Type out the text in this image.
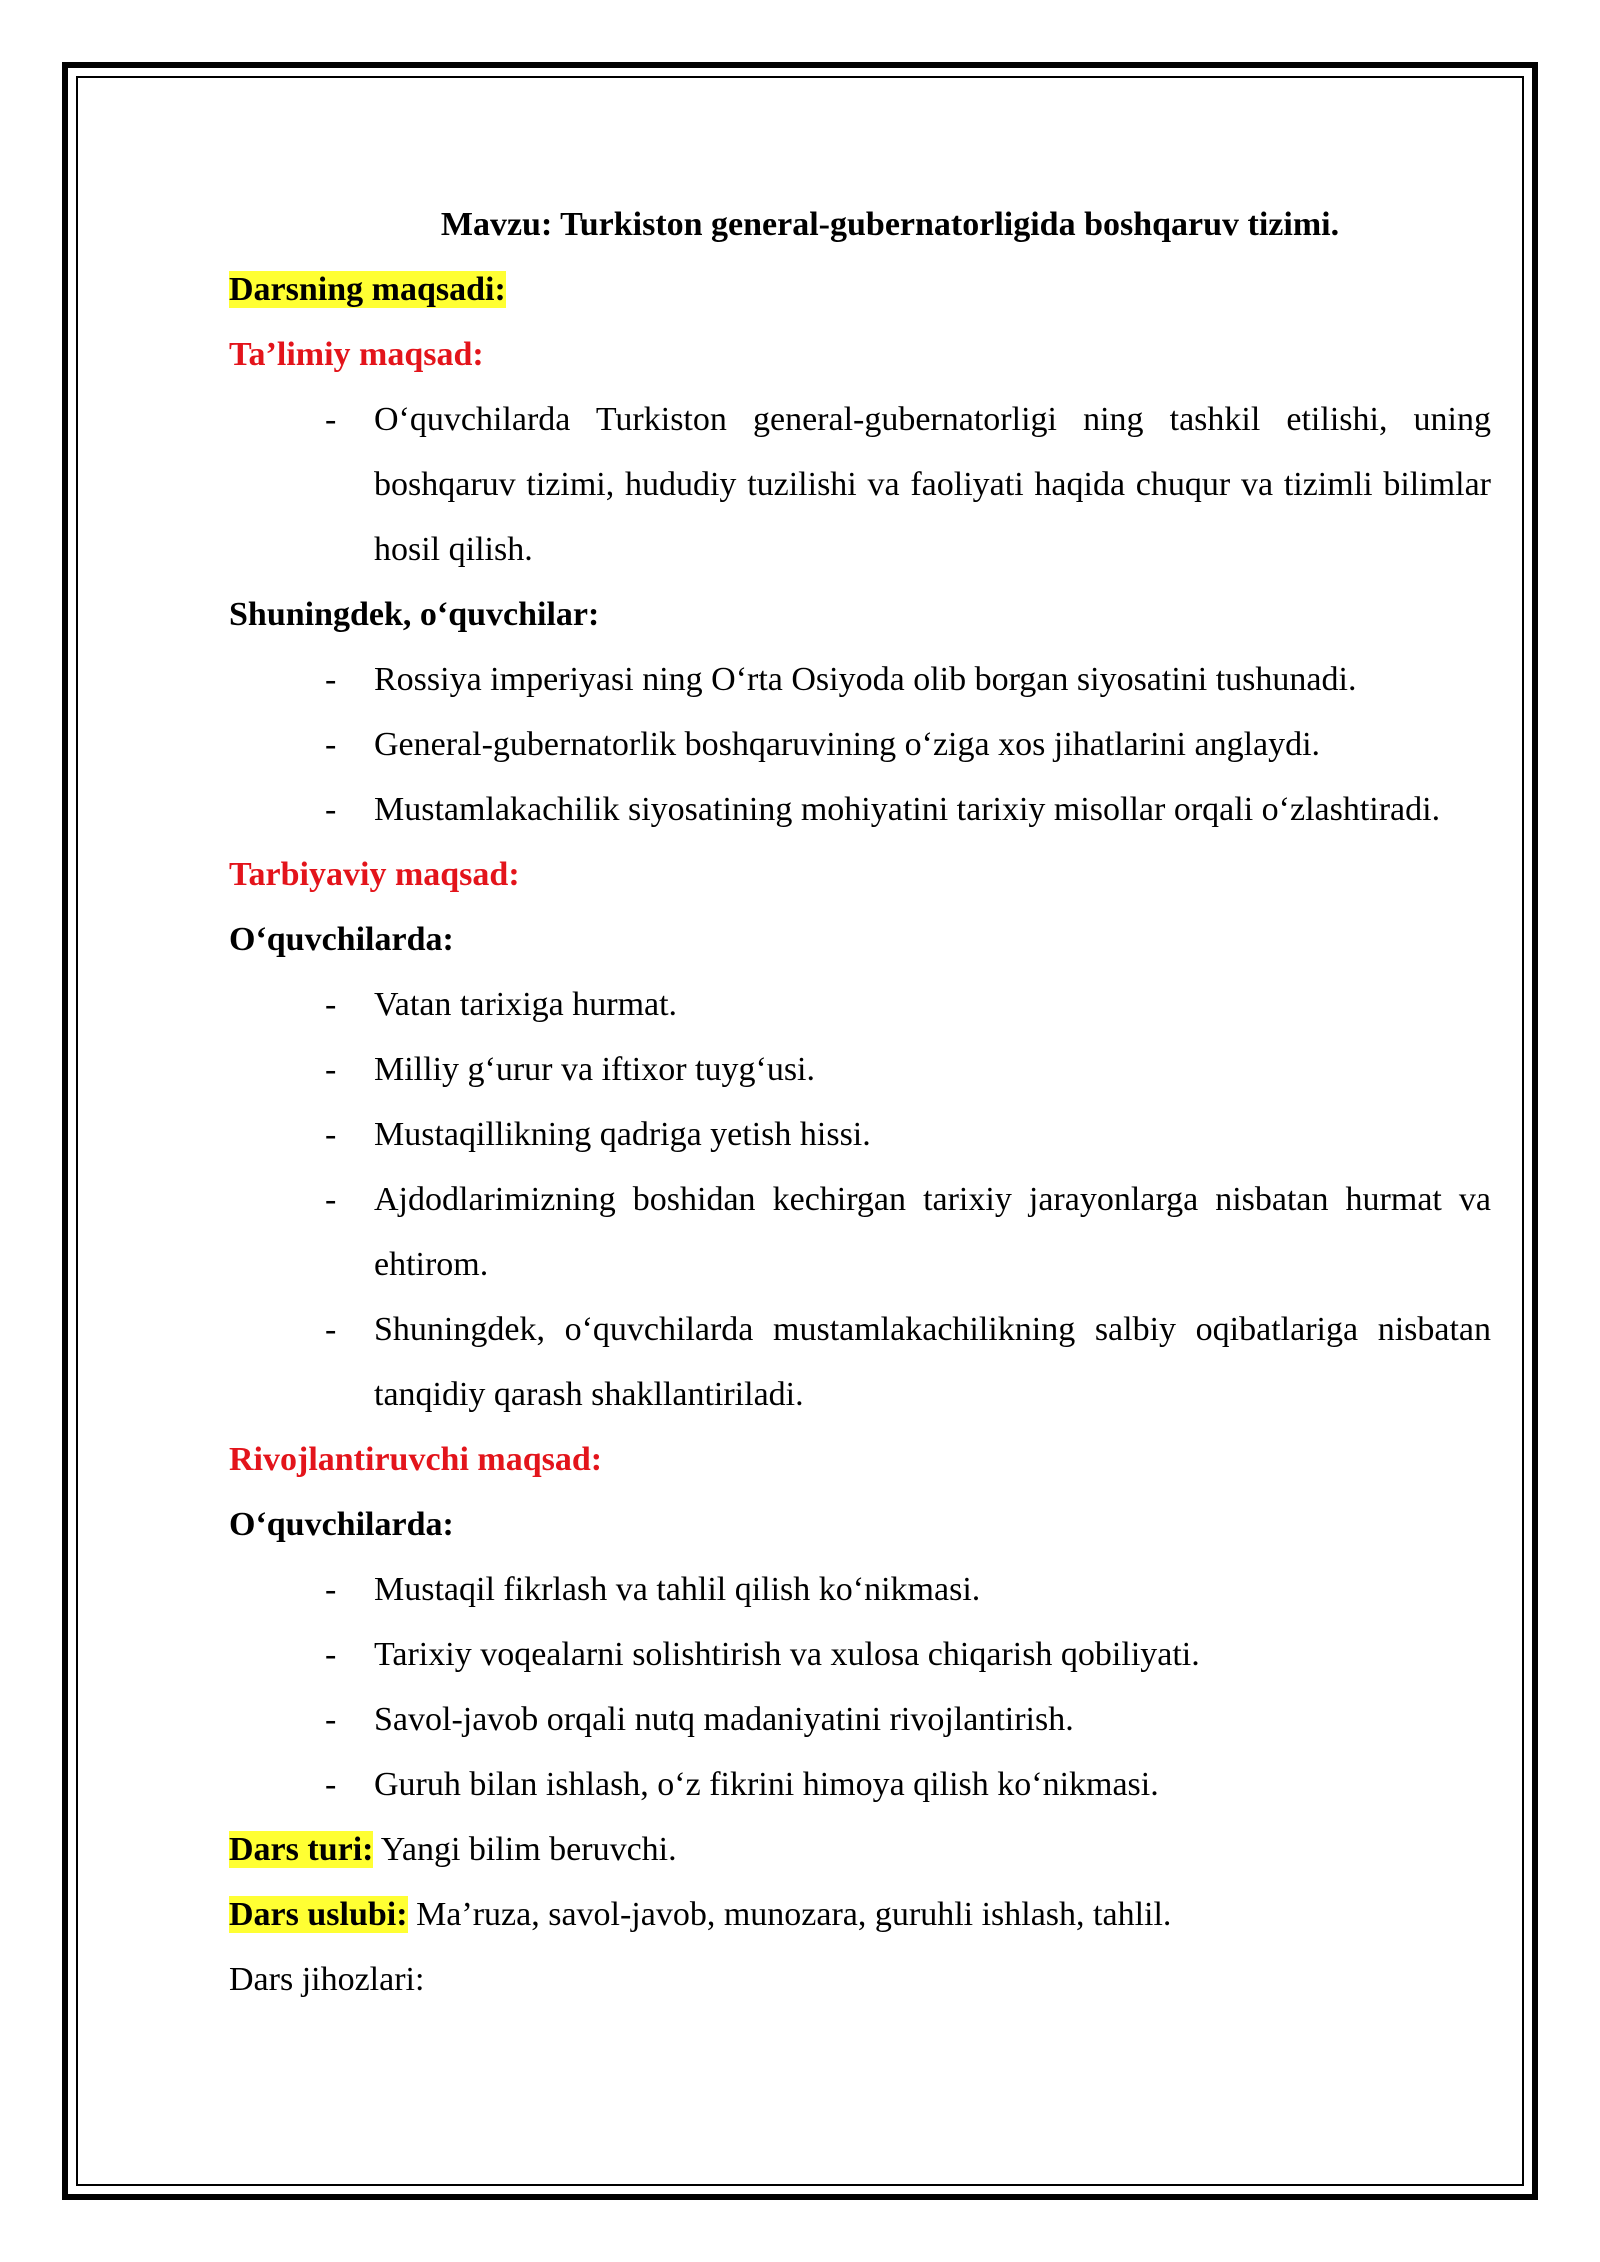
Mavzu: Turkiston general-gubernatorligida boshqaruv tizimi.
Darsning maqsadi:
Ta’limiy maqsad:
- O‘quvchilarda Turkiston general-gubernatorligi ning tashkil etilishi, uning boshqaruv tizimi, hududiy tuzilishi va faoliyati haqida chuqur va tizimli bilimlar hosil qilish.
Shuningdek, o‘quvchilar:
- Rossiya imperiyasi ning O‘rta Osiyoda olib borgan siyosatini tushunadi.
- General-gubernatorlik boshqaruvining o‘ziga xos jihatlarini anglaydi.
- Mustamlakachilik siyosatining mohiyatini tarixiy misollar orqali o‘zlashtiradi.
Tarbiyaviy maqsad:
O‘quvchilarda:
- Vatan tarixiga hurmat.
- Milliy g‘urur va iftixor tuyg‘usi.
- Mustaqillikning qadriga yetish hissi.
- Ajdodlarimizning boshidan kechirgan tarixiy jarayonlarga nisbatan hurmat va ehtirom.
- Shuningdek, o‘quvchilarda mustamlakachilikning salbiy oqibatlariga nisbatan tanqidiy qarash shakllantiriladi.
Rivojlantiruvchi maqsad:
O‘quvchilarda:
- Mustaqil fikrlash va tahlil qilish ko‘nikmasi.
- Tarixiy voqealarni solishtirish va xulosa chiqarish qobiliyati.
- Savol-javob orqali nutq madaniyatini rivojlantirish.
- Guruh bilan ishlash, o‘z fikrini himoya qilish ko‘nikmasi.
Dars turi: Yangi bilim beruvchi.
Dars uslubi: Ma’ruza, savol-javob, munozara, guruhli ishlash, tahlil.
Dars jihozlari:
